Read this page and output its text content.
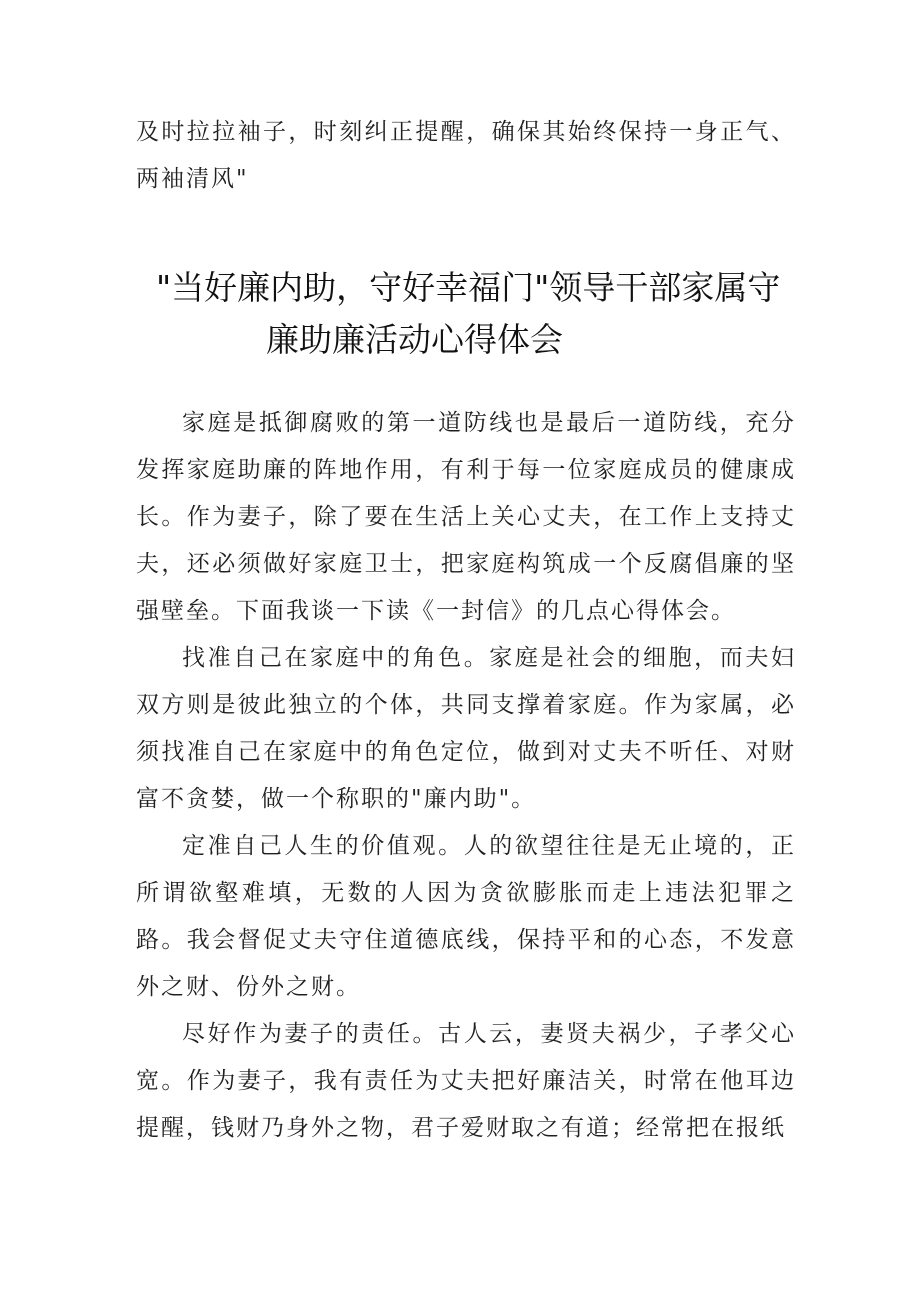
及时拉拉袖子，时刻纠正提醒，确保其始终保持一身正气、两袖清风"
"当好廉内助，守好幸福门"领导干部家属守
廉助廉活动心得体会

家庭是抵御腐败的第一道防线也是最后一道防线，充分发挥家庭助廉的阵地作用，有利于每一位家庭成员的健康成长。作为妻子，除了要在生活上关心丈夫，在工作上支持丈夫，还必须做好家庭卫士，把家庭构筑成一个反腐倡廉的坚强壁垒。下面我谈一下读《一封信》的几点心得体会。

找准自己在家庭中的角色。家庭是社会的细胞，而夫妇双方则是彼此独立的个体，共同支撑着家庭。作为家属，必须找准自己在家庭中的角色定位，做到对丈夫不听任、对财富不贪婪，做一个称职的"廉内助"。

定准自己人生的价值观。人的欲望往往是无止境的，正所谓欲壑难填，无数的人因为贪欲膨胀而走上违法犯罪之路。我会督促丈夫守住道德底线，保持平和的心态，不发意外之财、份外之财。

尽好作为妻子的责任。古人云，妻贤夫祸少，子孝父心宽。作为妻子，我有责任为丈夫把好廉洁关，时常在他耳边提醒，钱财乃身外之物，君子爱财取之有道；经常把在报纸
